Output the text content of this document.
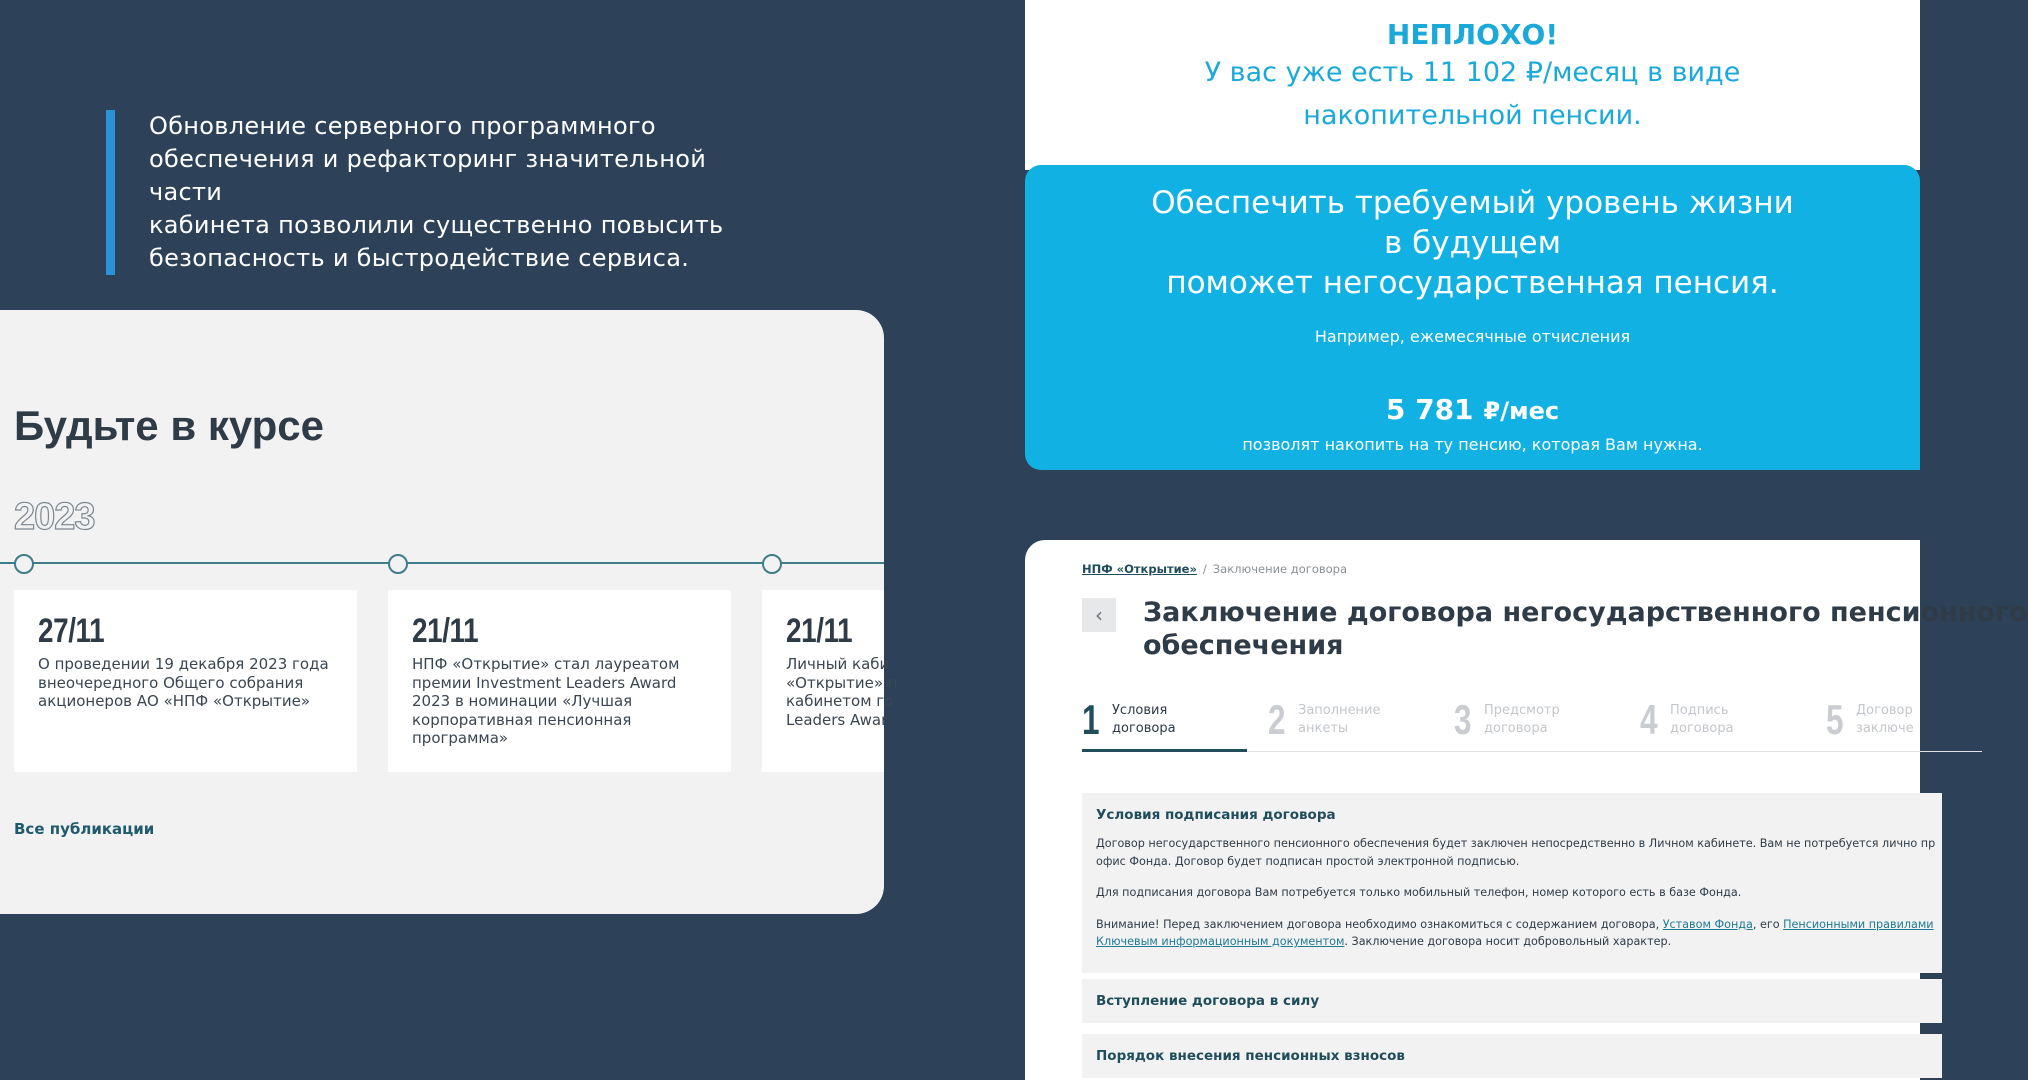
Обновление серверного программного
обеспечения и рефакторинг значительной части
кабинета позволили существенно повысить
безопасность и быстродействие сервиса.
Будьте в курсе
2023
27/11
О проведении 19 декабря 2023 года
внеочередного Общего собрания
акционеров АО «НПФ «Открытие»
21/11
НПФ «Открытие» стал лауреатом
премии Investment Leaders Award
2023 в номинации «Лучшая
корпоративная пенсионная
программа»
21/11
Личный каби
«Открытие» п
кабинетом го
Leaders Awar
Все публикации
НЕПЛОХО!
У вас уже есть 11 102 ₽/месяц в виде
накопительной пенсии.
Обеспечить требуемый уровень жизни
в будущем
поможет негосударственная пенсия.
Например, ежемесячные отчисления
5 781 ₽/мес
позволят накопить на ту пенсию, которая Вам нужна.
НПФ «Открытие» / Заключение договора
‹ Заключение договора негосударственного пенсионного
обеспечения
1 Условия
договора 2 Заполнение
анкеты	3 Предсмотр
договора 4 Подпись
договора 5 Договор
заключе
Условия подписания договора
Договор негосударственного пенсионного обеспечения будет заключен непосредственно в Личном кабинете. Вам не потребуется лично пр
офис Фонда. Договор будет подписан простой электронной подписью.
Для подписания договора Вам потребуется только мобильный телефон, номер которого есть в базе Фонда.
Внимание! Перед заключением договора необходимо ознакомиться с содержанием договора, Уставом Фонда, его Пенсионными правилами
Ключевым информационным документом. Заключение договора носит добровольный характер.
Вступление договора в силу
Порядок внесения пенсионных взносов
